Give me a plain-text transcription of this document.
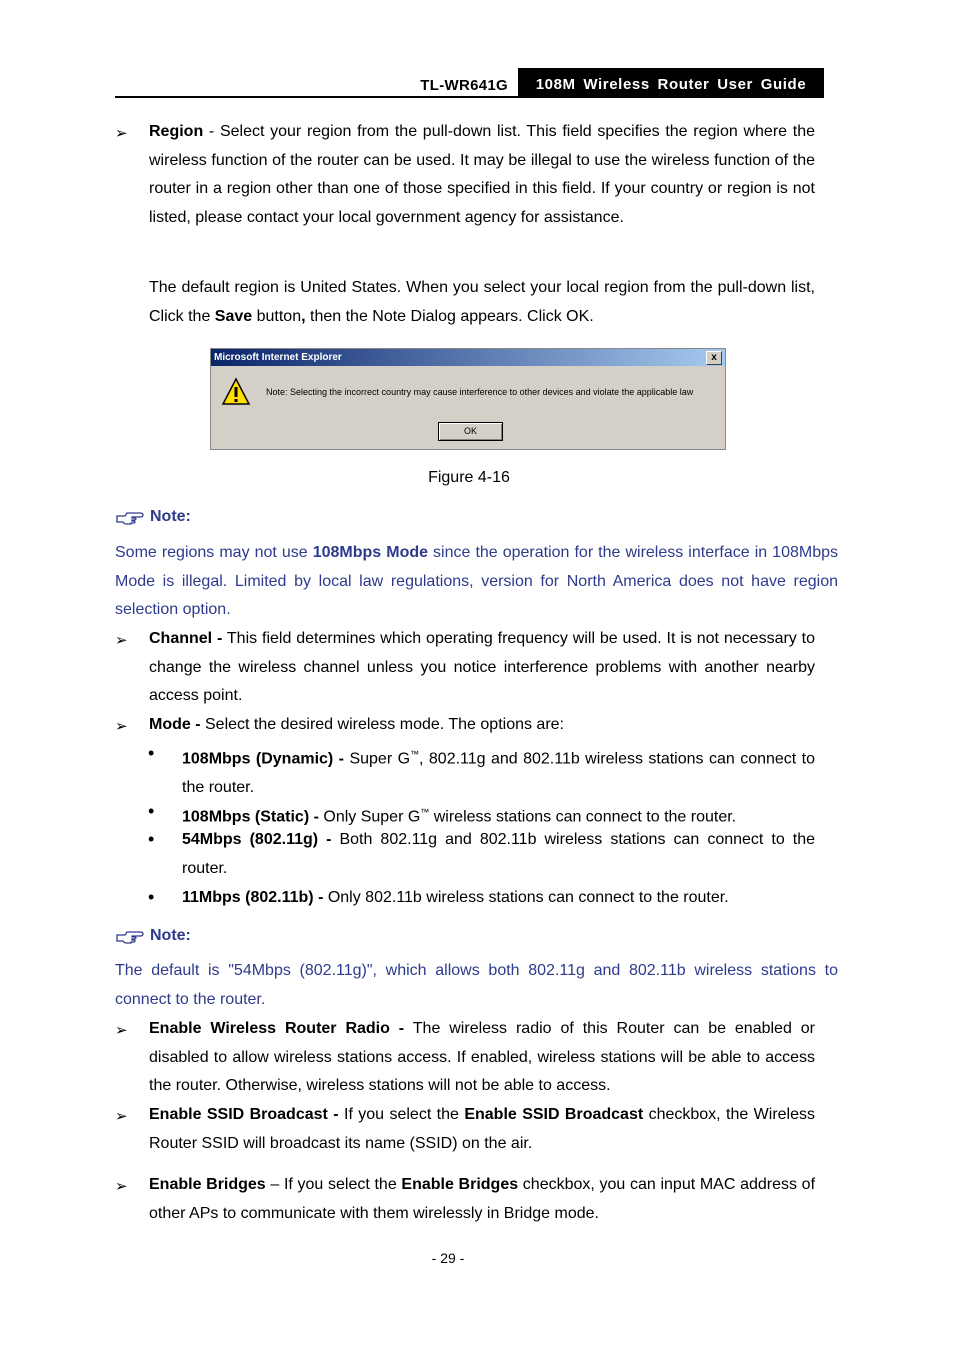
TL-WR641G	108M Wireless Router User Guide
➢ Region - Select your region from the pull-down list. This field specifies the region where the wireless function of the router can be used. It may be illegal to use the wireless function of the router in a region other than one of those specified in this field. If your country or region is not listed, please contact your local government agency for assistance.

The default region is United States. When you select your local region from the pull-down list, Click the Save button, then the Note Dialog appears. Click OK.

Microsoft Internet Explorer	x
Note: Selecting the incorrect country may cause interference to other devices and violate the applicable law
OK
Figure 4-16
Note:

Some regions may not use 108Mbps Mode since the operation for the wireless interface in 108Mbps Mode is illegal. Limited by local law regulations, version for North America does not have region selection option.

➢ Channel - This field determines which operating frequency will be used. It is not necessary to change the wireless channel unless you notice interference problems with another nearby access point.

➢ Mode - Select the desired wireless mode. The options are:

• 108Mbps (Dynamic) - Super G™, 802.11g and 802.11b wireless stations can connect to the router.

• 108Mbps (Static) - Only Super G™ wireless stations can connect to the router.

• 54Mbps (802.11g) - Both 802.11g and 802.11b wireless stations can connect to the router.

• 11Mbps (802.11b) - Only 802.11b wireless stations can connect to the router.

Note:

The default is "54Mbps (802.11g)", which allows both 802.11g and 802.11b wireless stations to connect to the router.

➢ Enable Wireless Router Radio - The wireless radio of this Router can be enabled or disabled to allow wireless stations access. If enabled, wireless stations will be able to access the router. Otherwise, wireless stations will not be able to access.

➢ Enable SSID Broadcast - If you select the Enable SSID Broadcast checkbox, the Wireless Router SSID will broadcast its name (SSID) on the air.

➢ Enable Bridges – If you select the Enable Bridges checkbox, you can input MAC address of other APs to communicate with them wirelessly in Bridge mode.

- 29 -
